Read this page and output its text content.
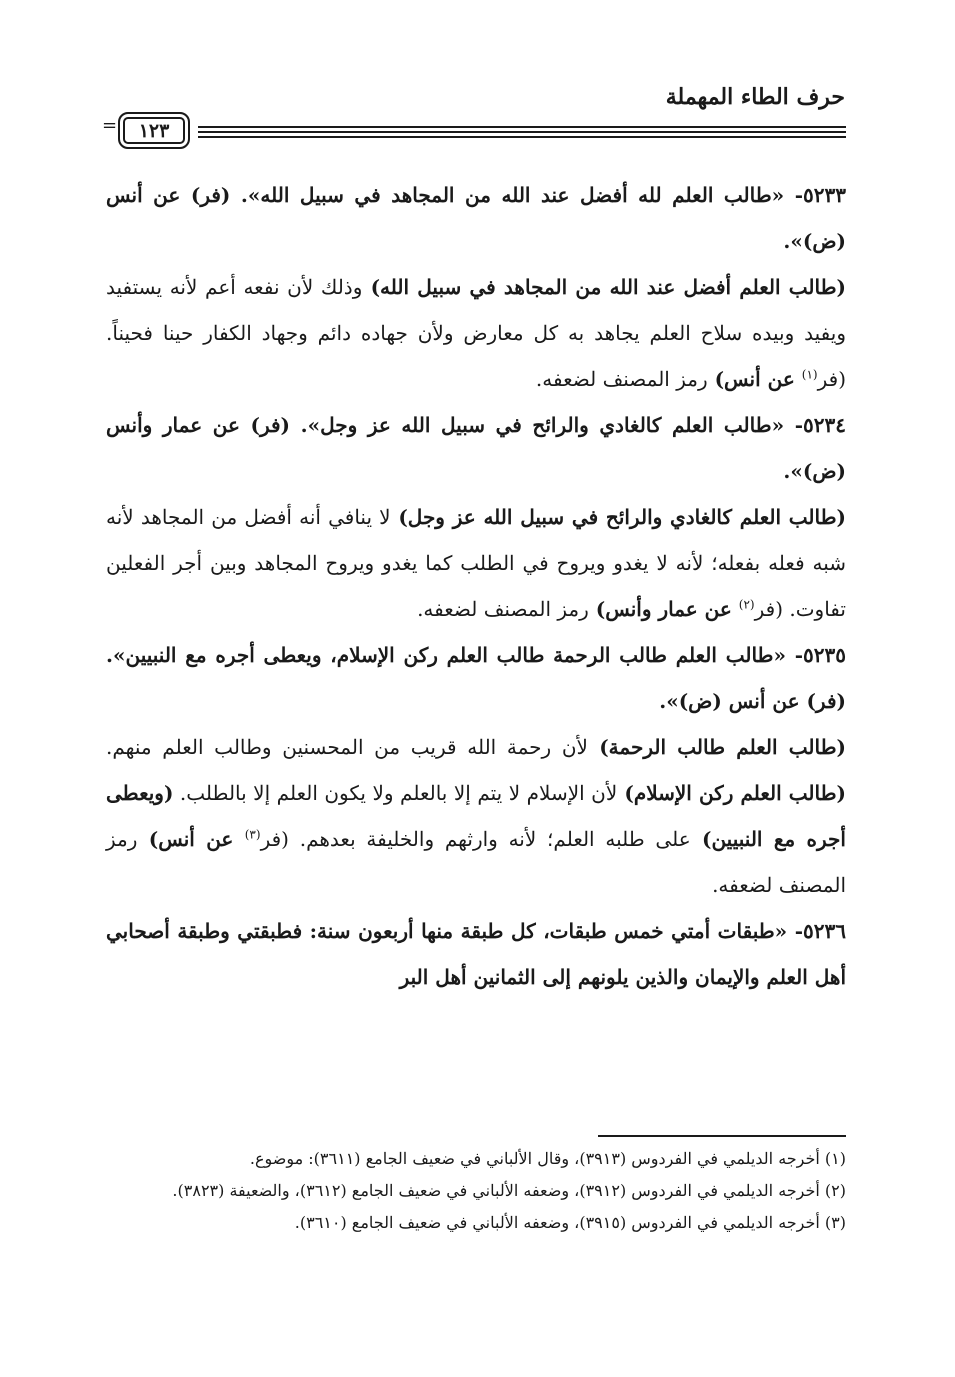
حرف الطاء المهملة
=	١٢٣

٥٢٣٣- «طالب العلم لله أفضل عند الله من المجاهد في سبيل الله». (فر) عن أنس (ض)».

(طالب العلم أفضل عند الله من المجاهد في سبيل الله) وذلك لأن نفعه أعم لأنه يستفيد ويفيد وبيده سلاح العلم يجاهد به كل معارض ولأن جهاده دائم وجهاد الكفار حينا فحيناً. (فر$^{(١)}$ عن أنس) رمز المصنف لضعفه.

٥٢٣٤- «طالب العلم كالغادي والرائح في سبيل الله عز وجل». (فر) عن عمار وأنس (ض)».

(طالب العلم كالغادي والرائح في سبيل الله عز وجل) لا ينافي أنه أفضل من المجاهد لأنه شبه فعله بفعله؛ لأنه لا يغدو ويروح في الطلب كما يغدو ويروح المجاهد وبين أجر الفعلين تفاوت. (فر$^{(٢)}$ عن عمار وأنس) رمز المصنف لضعفه.

٥٢٣٥- «طالب العلم طالب الرحمة طالب العلم ركن الإسلام، ويعطى أجره مع النبيين». (فر) عن أنس (ض)».

(طالب العلم طالب الرحمة) لأن رحمة الله قريب من المحسنين وطالب العلم منهم. (طالب العلم ركن الإسلام) لأن الإسلام لا يتم إلا بالعلم ولا يكون العلم إلا بالطلب. (ويعطى أجره مع النبيين) على طلبه العلم؛ لأنه وارثهم والخليفة بعدهم. (فر$^{(٣)}$ عن أنس) رمز المصنف لضعفه.

٥٢٣٦- «طبقات أمتي خمس طبقات، كل طبقة منها أربعون سنة: فطبقتي وطبقة أصحابي أهل العلم والإيمان والذين يلونهم إلى الثمانين أهل البر

(١) أخرجه الديلمي في الفردوس (٣٩١٣)، وقال الألباني في ضعيف الجامع (٣٦١١): موضوع.

(٢) أخرجه الديلمي في الفردوس (٣٩١٢)، وضعفه الألباني في ضعيف الجامع (٣٦١٢)، والضعيفة (٣٨٢٣).

(٣) أخرجه الديلمي في الفردوس (٣٩١٥)، وضعفه الألباني في ضعيف الجامع (٣٦١٠).
